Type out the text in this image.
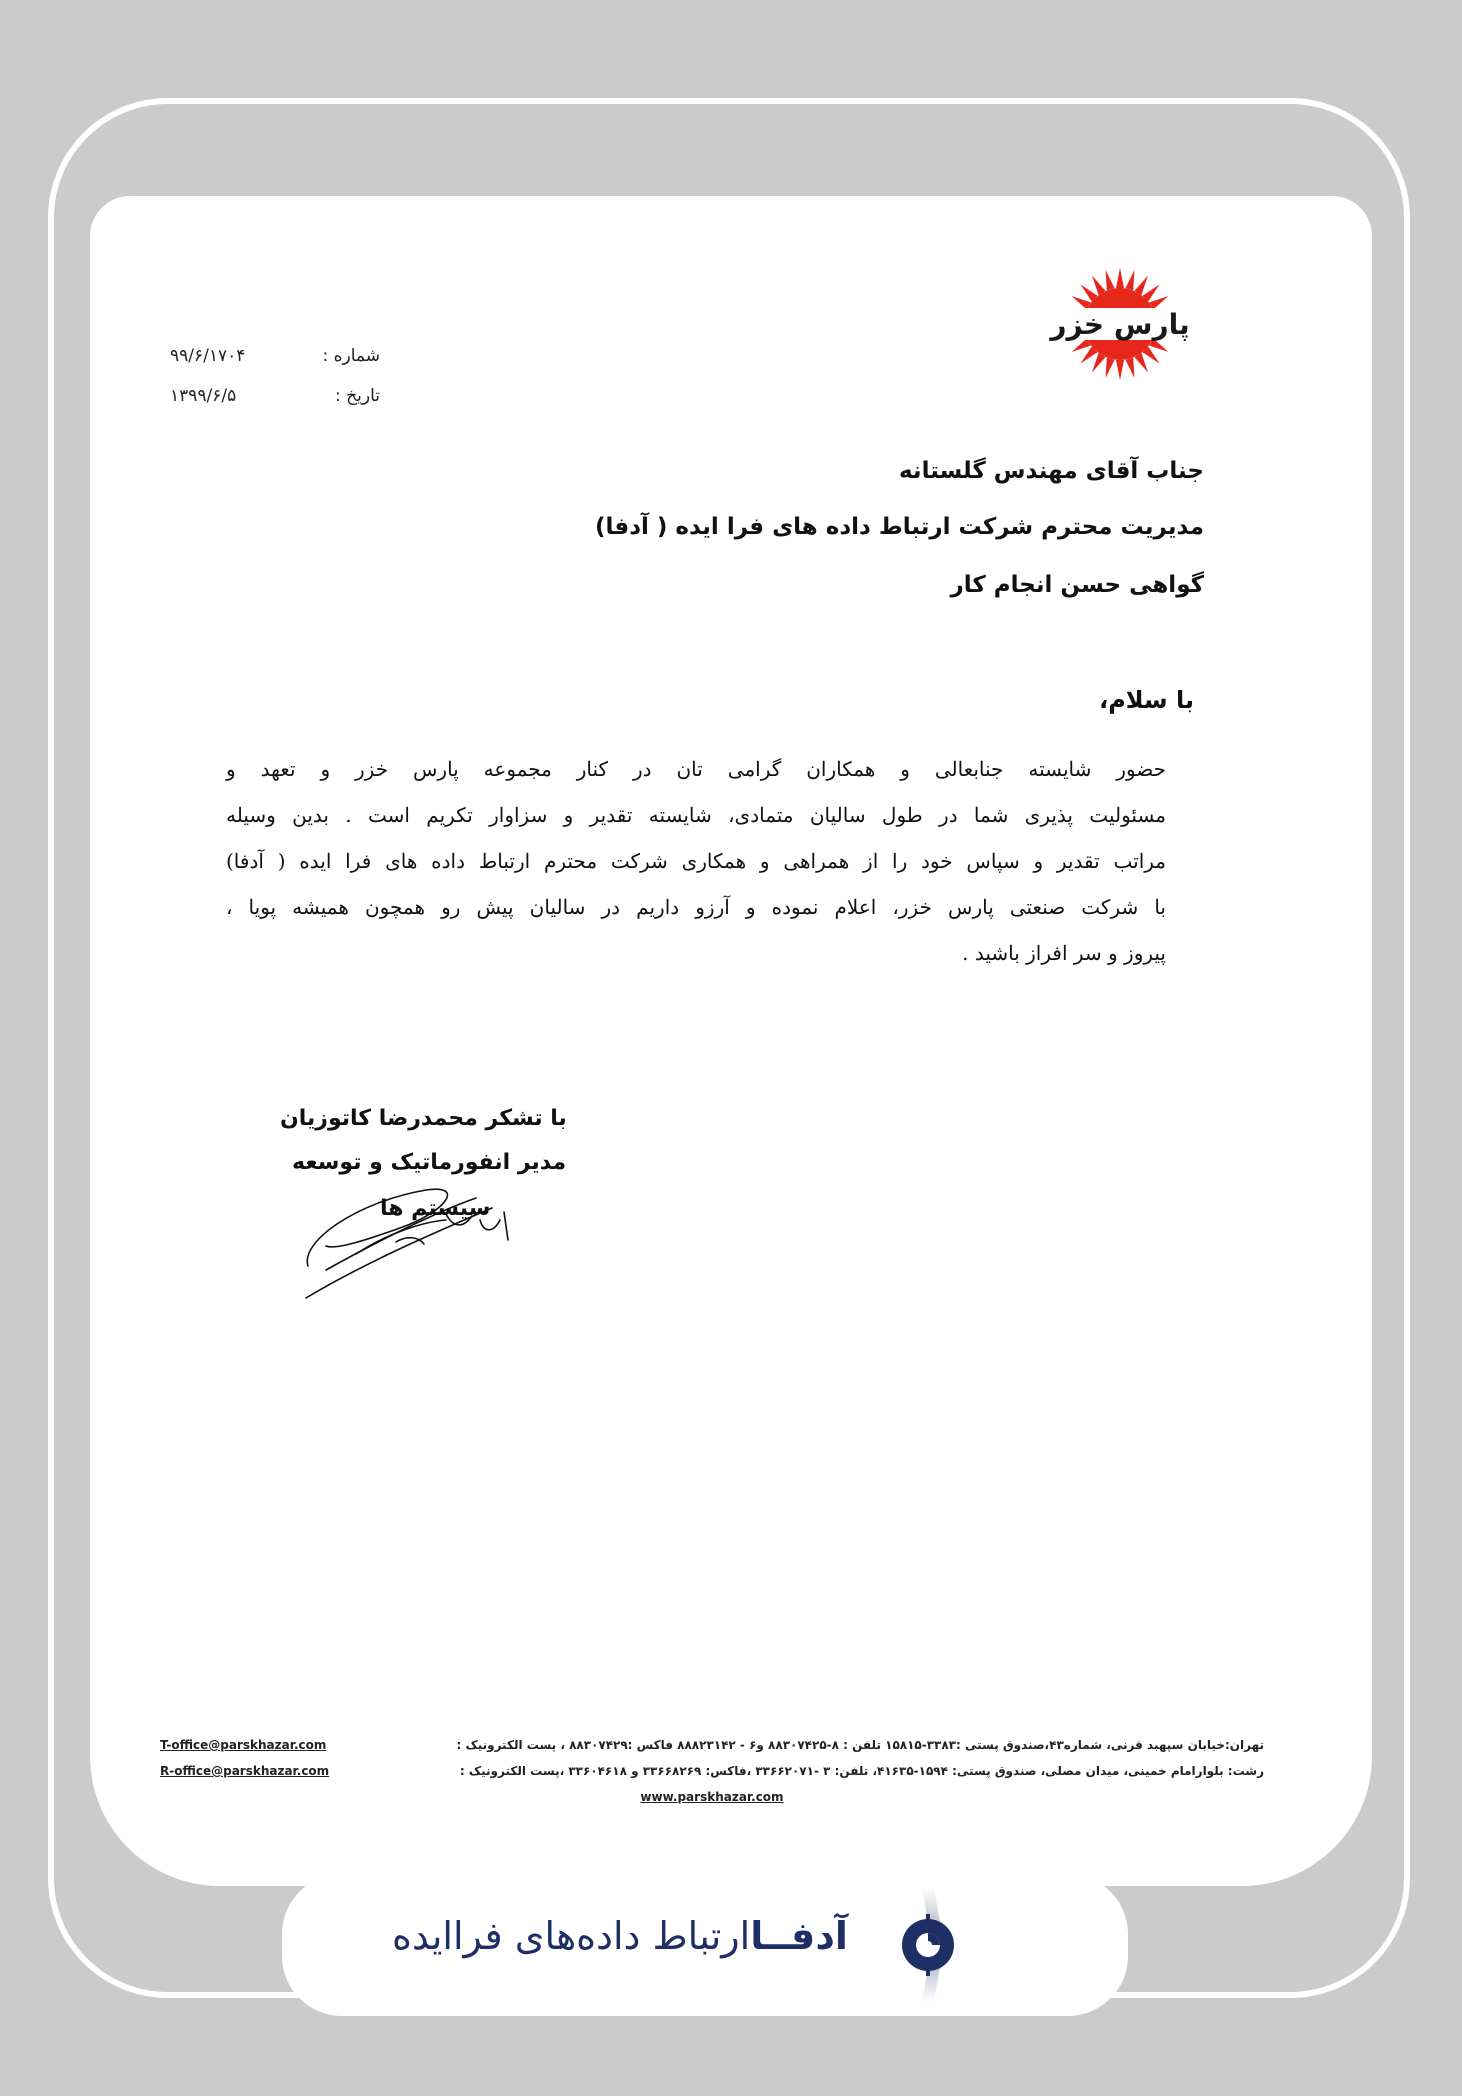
پارس خزر
شماره :
۹۹/۶/۱۷۰۴
تاریخ :
۱۳۹۹/۶/۵
جناب آقای مهندس گلستانه
مدیریت محترم شرکت ارتباط داده های فرا ایده ( آدفا)
گواهی حسن انجام کار
با سلام،
حضور شایسته جنابعالی و همکاران گرامی تان در کنار مجموعه پارس خزر و تعهد و
مسئولیت پذیری شما در طول سالیان متمادی، شایسته تقدیر و سزاوار تکریم است . بدین وسیله
مراتب تقدیر و سپاس خود را از همراهی و همکاری شرکت محترم ارتباط داده های فرا ایده ( آدفا)
با شرکت صنعتی پارس خزر، اعلام نموده و آرزو داریم در سالیان پیش رو همچون همیشه پویا ،
پیروز و سر افراز باشید .
با تشکر محمدرضا کاتوزیان
مدیر انفورماتیک و توسعه
سیستم ها
تهران:خیابان سپهبد قرنی، شماره۴۳،صندوق پستی :۳۳۸۳-۱۵۸۱۵ تلفن : ۸-۸۸۳۰۷۴۲۵ و۶ - ۸۸۸۲۳۱۴۲ فاکس :۸۸۳۰۷۴۲۹ ، پست الکترونیک :
T-office@parskhazar.com
رشت: بلوارامام خمینی، میدان مصلی، صندوق پستی: ۱۵۹۴-۴۱۶۳۵، تلفن: ۳ -۳۳۶۶۲۰۷۱ ،فاکس: ۳۳۶۶۸۲۶۹ و ۳۳۶۰۴۶۱۸ ،پست الکترونیک :
R-office@parskhazar.com
www.parskhazar.com
آدفــاارتباط داده‌های فراایده
